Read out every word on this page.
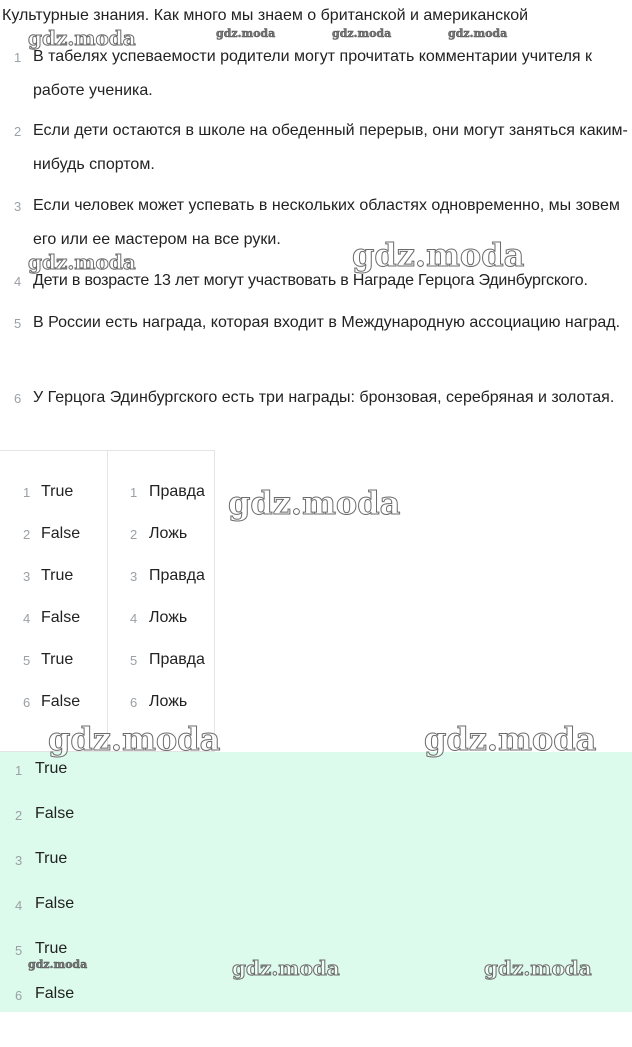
Культурные знания. Как много мы знаем о британской и американской
1 В табелях успеваемости родители могут прочитать комментарии учителя к работе ученика.
2 Если дети остаются в школе на обеденный перерыв, они могут заняться каким-нибудь спортом.
3 Если человек может успевать в нескольких областях одновременно, мы зовем его или ее мастером на все руки.
4 Дети в возрасте 13 лет могут участвовать в Награде Герцога Эдинбургского.
5 В России есть награда, которая входит в Международную ассоциацию наград.
6 У Герцога Эдинбургского есть три награды: бронзовая, серебряная и золотая.
1 True
2 False
3 True
4 False
5 True
6 False
1 Правда
2 Ложь
3 Правда
4 Ложь
5 Правда
6 Ложь
1 True
2 False
3 True
4 False
5 True
6 False
gdz.moda	gdz.moda	gdz.moda	gdz.moda
gdz.moda	gdz.moda
gdz.moda
gdz.moda	gdz.moda
gdz.moda	gdz.moda	gdz.moda
